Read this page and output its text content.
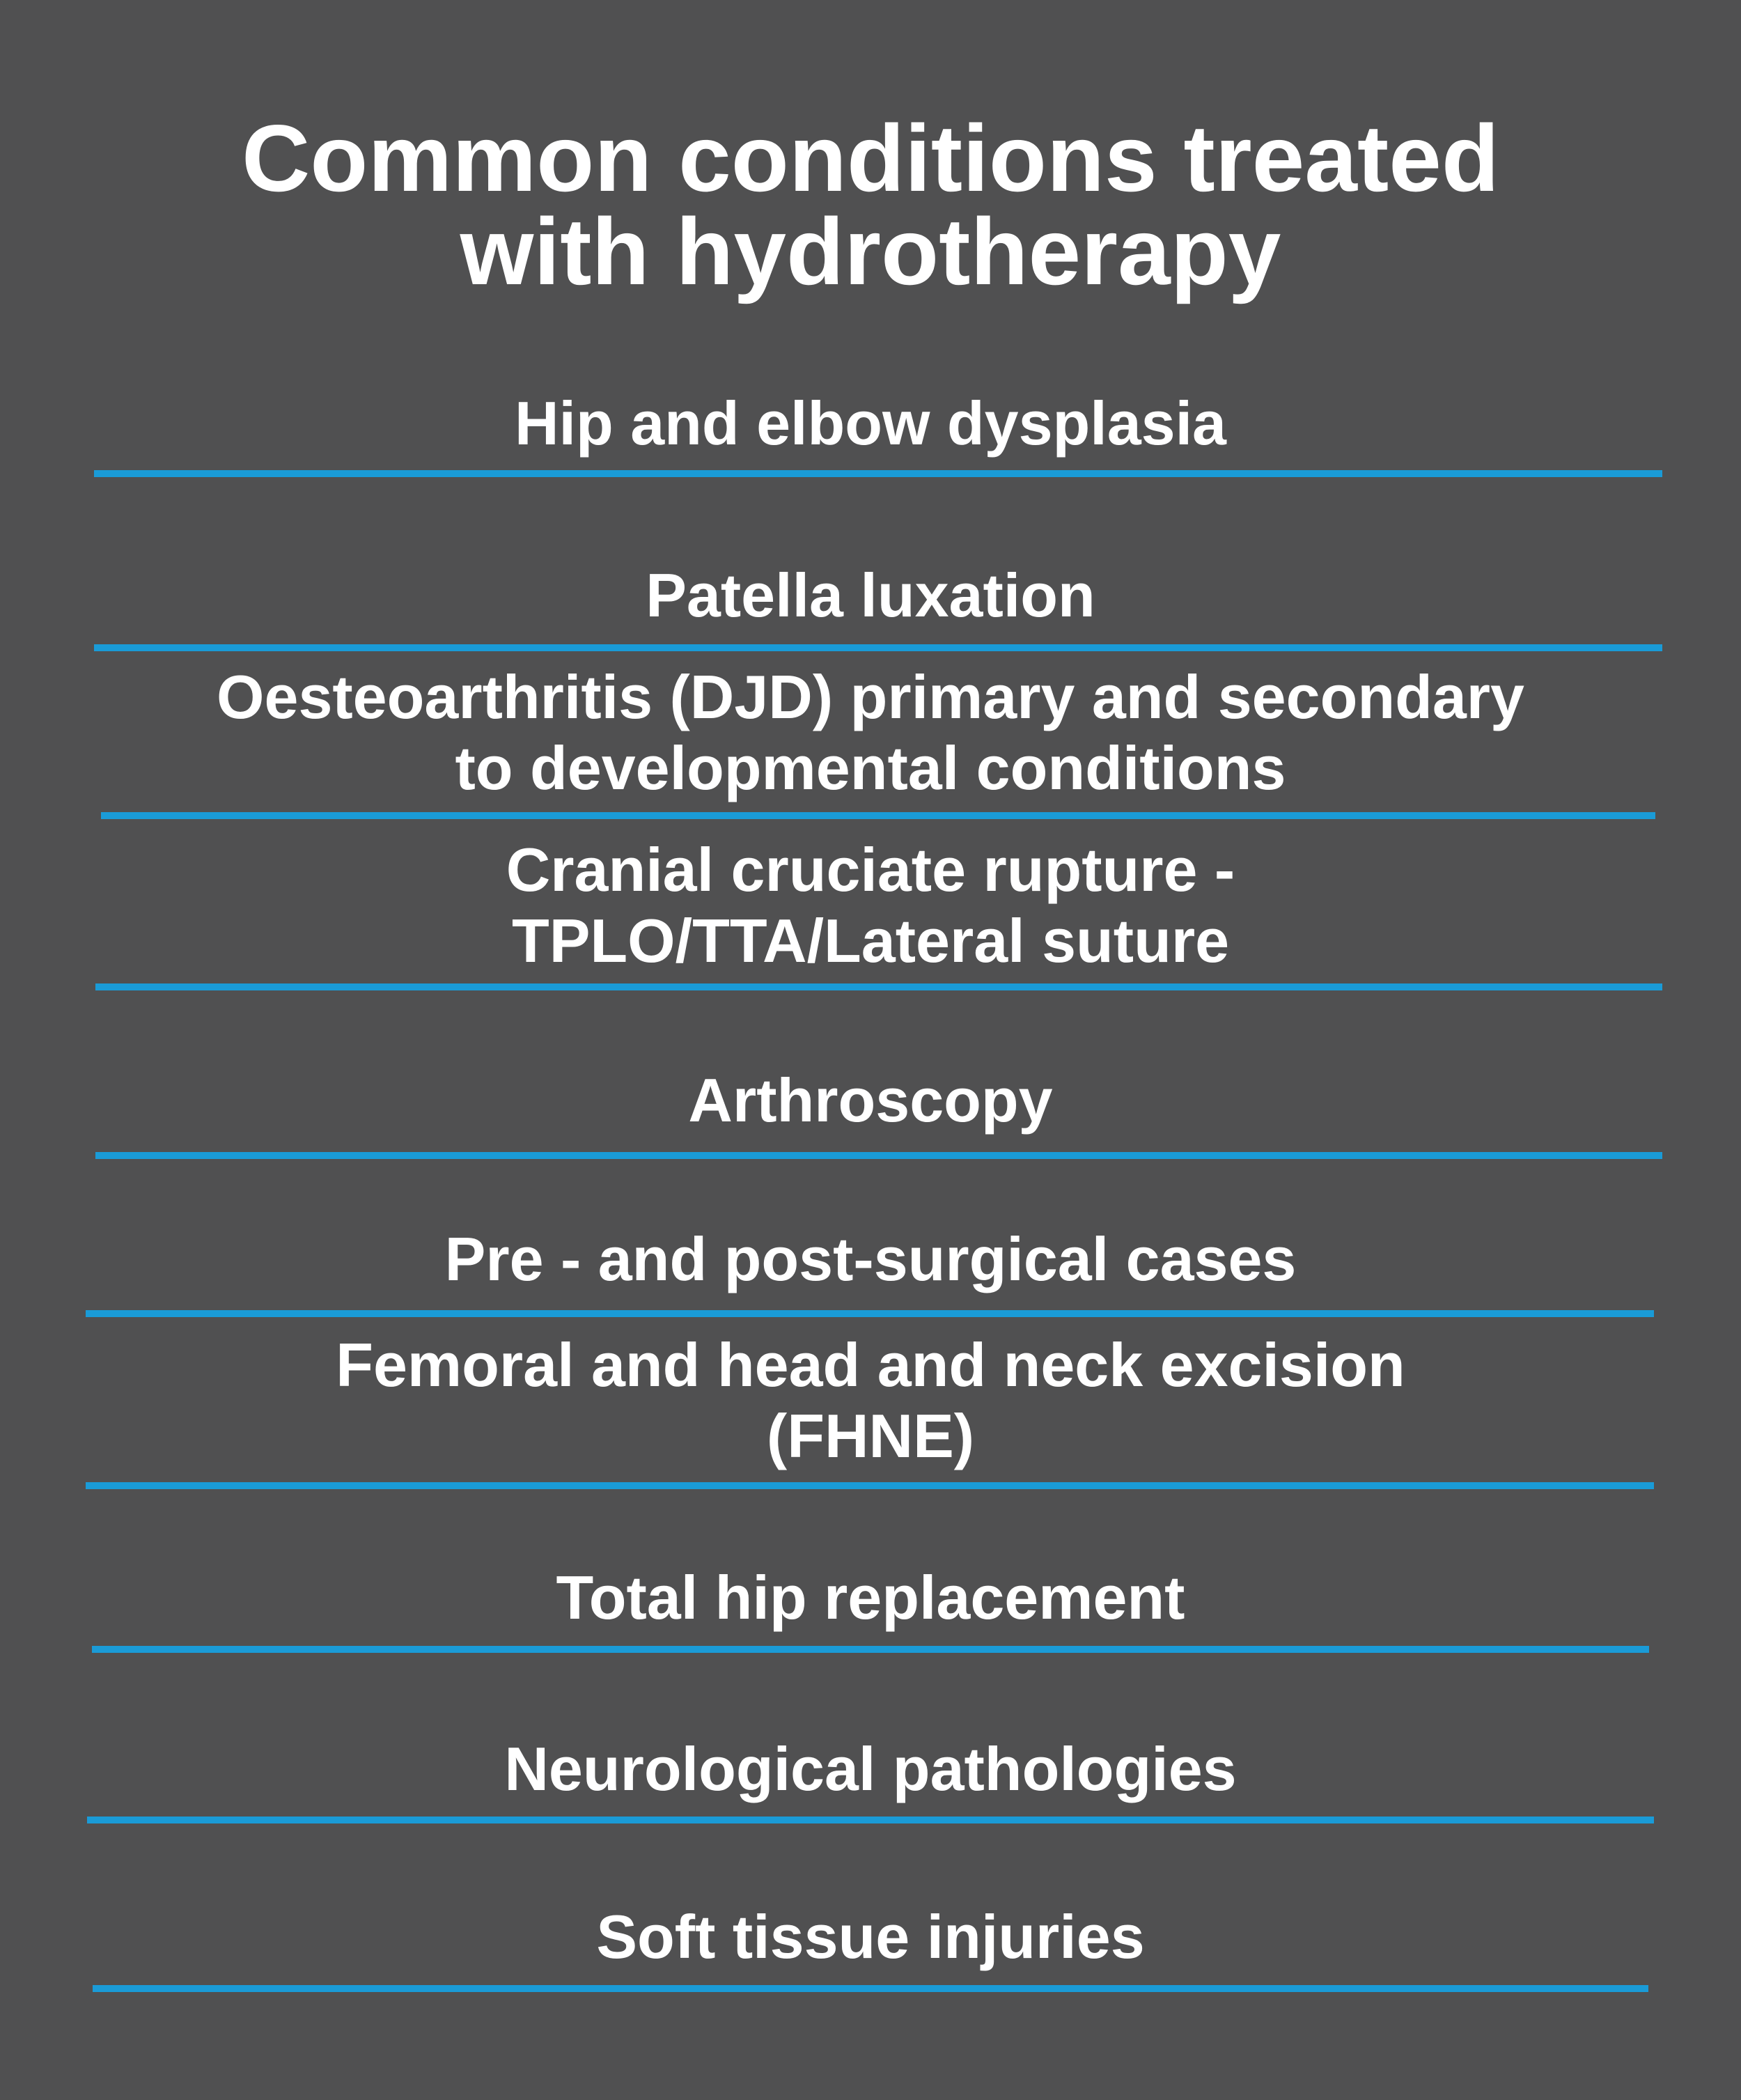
Common conditions treated
with hydrotherapy
Hip and elbow dysplasia
Patella luxation
Oesteoarthritis (DJD) primary and secondary
to developmental conditions
Cranial cruciate rupture -
TPLO/TTA/Lateral suture
Arthroscopy
Pre - and post-surgical cases
Femoral and head and neck excision
(FHNE)
Total hip replacement
Neurological pathologies
Soft tissue injuries
